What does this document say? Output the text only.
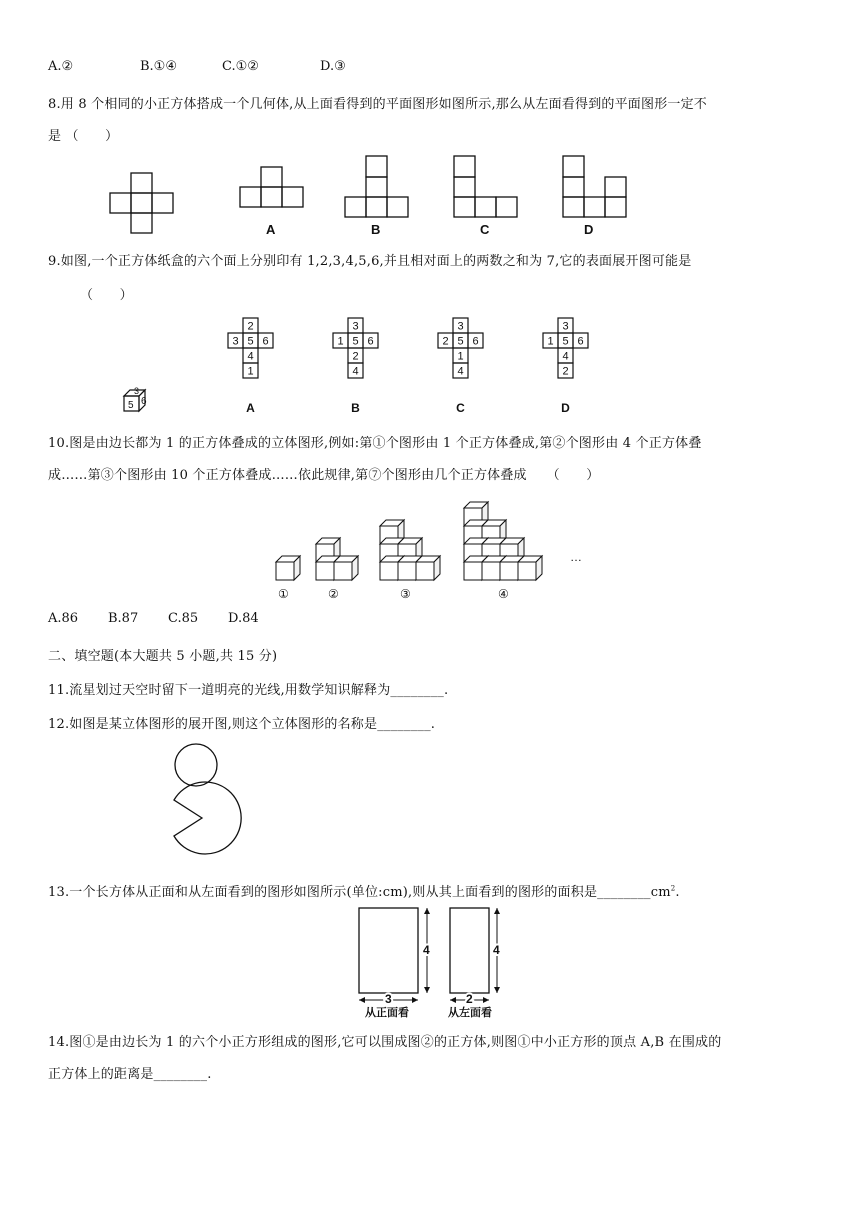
A.②	B.①④	C.①②	D.③
8.用 8 个相同的小正方体搭成一个几何体,从上面看得到的平面图形如图所示,那么从左面看得到的平面图形一定不
是 （　　）
A	B	C	D
9.如图,一个正方体纸盒的六个面上分别印有 1,2,3,4,5,6,并且相对面上的两数之和为 7,它的表面展开图可能是
（　　）
3
5 6
2
3 5 6
4
1
A
3
1 5 6
2
4
B
3
2 5 6
1
4
C
3
1 5 6
4
2
D
10.图是由边长都为 1 的正方体叠成的立体图形,例如:第①个图形由 1 个正方体叠成,第②个图形由 4 个正方体叠
成……第③个图形由 10 个正方体叠成……依此规律,第⑦个图形由几个正方体叠成　　（　　）
①	②	③	④
…
A.86 B.87 C.85 D.84
二、填空题(本大题共 5 小题,共 15 分)
11.流星划过天空时留下一道明亮的光线,用数学知识解释为________.
12.如图是某立体图形的展开图,则这个立体图形的名称是________.
13.一个长方体从正面和从左面看到的图形如图所示(单位:cm),则从其上面看到的图形的面积是$\_\_\_\_\_\_\_\_cm^2$.
4
3
4
2
从正面看	从左面看
14.图①是由边长为 1 的六个小正方形组成的图形,它可以围成图②的正方体,则图①中小正方形的顶点 A,B 在围成的
正方体上的距离是________.
